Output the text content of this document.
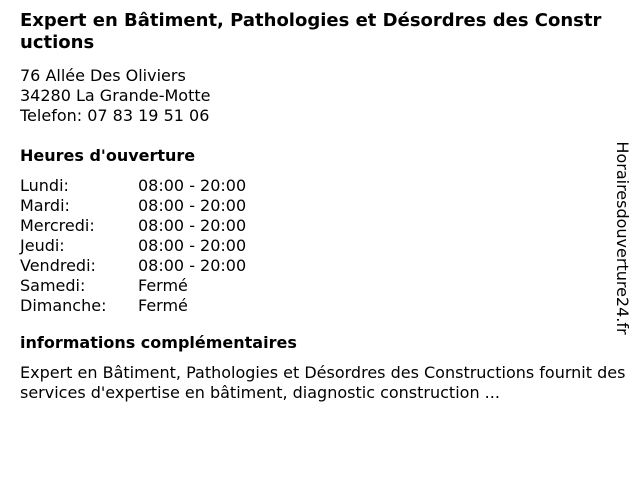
Expert en Bâtiment, Pathologies et Désordres des Constructions
76 Allée Des Oliviers
34280 La Grande-Motte
Telefon: 07 83 19 51 06
Heures d'ouverture
Lundi:	08:00 - 20:00
Mardi:	08:00 - 20:00
Mercredi:	08:00 - 20:00
Jeudi:	08:00 - 20:00
Vendredi:	08:00 - 20:00
Samedi:	Fermé
Dimanche: Fermé
informations complémentaires
Expert en Bâtiment, Pathologies et Désordres des Constructions fournit des services d'expertise en bâtiment, diagnostic construction ...
Horairesdouverture24.fr
